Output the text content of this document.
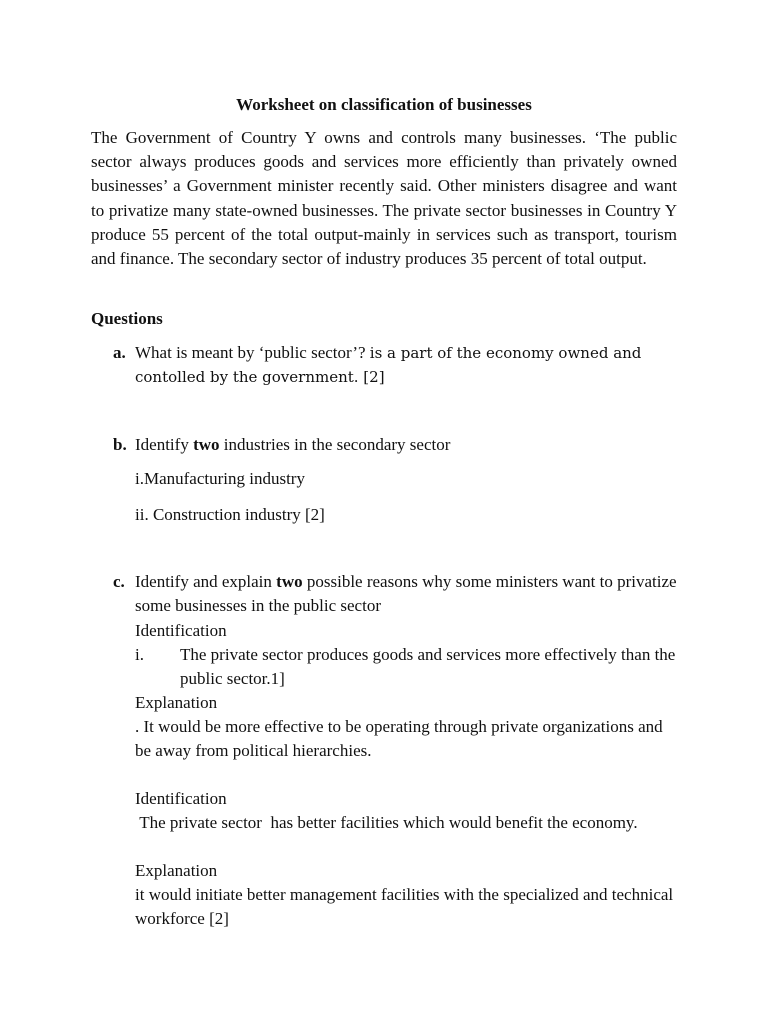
Worksheet on classification of businesses

The Government of Country Y owns and controls many businesses. ‘The public sector always produces goods and services more efficiently than privately owned businesses’ a Government minister recently said. Other ministers disagree and want to privatize many state-owned businesses. The private sector businesses in Country Y produce 55 percent of the total output-mainly in services such as transport, tourism and finance. The secondary sector of industry produces 35 percent of total output.

Questions
a. What is meant by ‘public sector’? is a part of the economy owned and contolled by the government. [2]
b. Identify two industries in the secondary sector
i.Manufacturing industry
ii. Construction industry [2]
c. Identify and explain two possible reasons why some ministers want to privatize some businesses in the public sector
Identification
i. The private sector produces goods and services more effectively than the public sector.1]
Explanation
. It would be more effective to be operating through private organizations and be away from political hierarchies.
Identification
The private sector  has better facilities which would benefit the economy.
Explanation
it would initiate better management facilities with the specialized and technical workforce [2]
